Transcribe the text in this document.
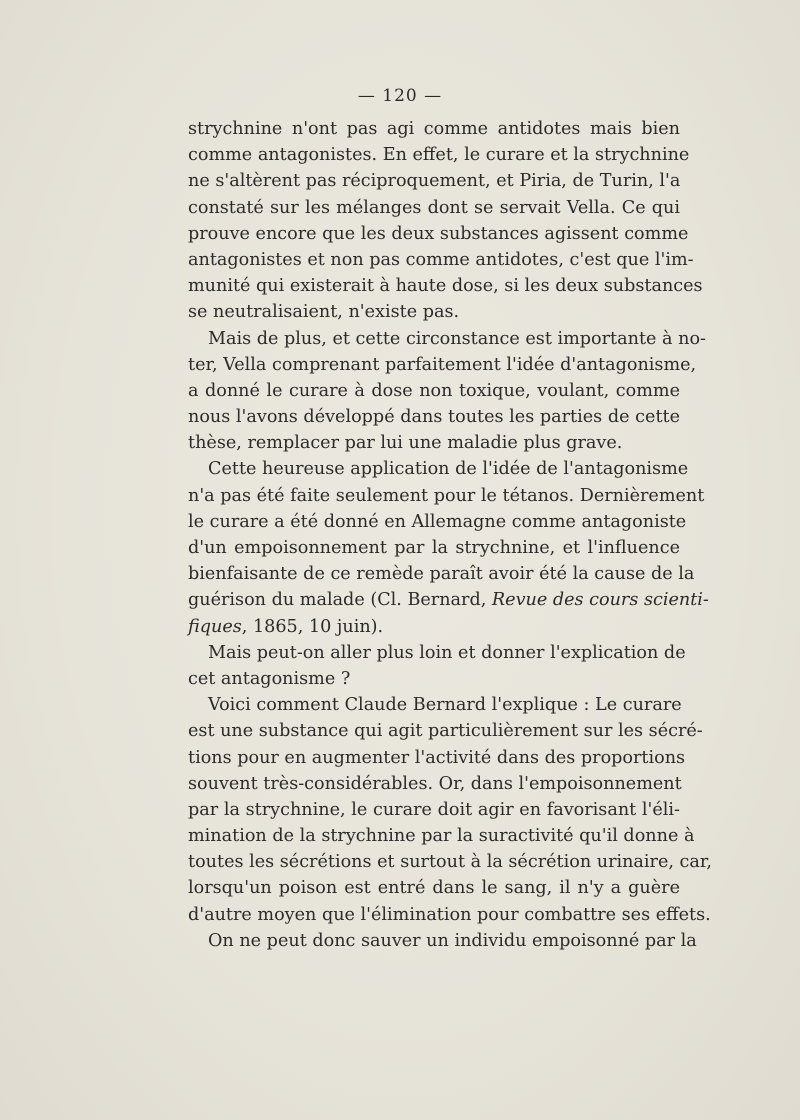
— 120 —
strychnine n'ont pas agi comme antidotes mais bien
comme antagonistes. En effet, le curare et la strychnine
ne s'altèrent pas réciproquement, et Piria, de Turin, l'a
constaté sur les mélanges dont se servait Vella. Ce qui
prouve encore que les deux substances agissent comme
antagonistes et non pas comme antidotes, c'est que l'im-
munité qui existerait à haute dose, si les deux substances
se neutralisaient, n'existe pas.
Mais de plus, et cette circonstance est importante à no-
ter, Vella comprenant parfaitement l'idée d'antagonisme,
a donné le curare à dose non toxique, voulant, comme
nous l'avons développé dans toutes les parties de cette
thèse, remplacer par lui une maladie plus grave.
Cette heureuse application de l'idée de l'antagonisme
n'a pas été faite seulement pour le tétanos. Dernièrement
le curare a été donné en Allemagne comme antagoniste
d'un empoisonnement par la strychnine, et l'influence
bienfaisante de ce remède paraît avoir été la cause de la
guérison du malade (Cl. Bernard, Revue des cours scienti-
fiques, 1865, 10 juin).
Mais peut-on aller plus loin et donner l'explication de
cet antagonisme ?
Voici comment Claude Bernard l'explique : Le curare
est une substance qui agit particulièrement sur les sécré-
tions pour en augmenter l'activité dans des proportions
souvent très-considérables. Or, dans l'empoisonnement
par la strychnine, le curare doit agir en favorisant l'éli-
mination de la strychnine par la suractivité qu'il donne à
toutes les sécrétions et surtout à la sécrétion urinaire, car,
lorsqu'un poison est entré dans le sang, il n'y a guère
d'autre moyen que l'élimination pour combattre ses effets.
On ne peut donc sauver un individu empoisonné par la
